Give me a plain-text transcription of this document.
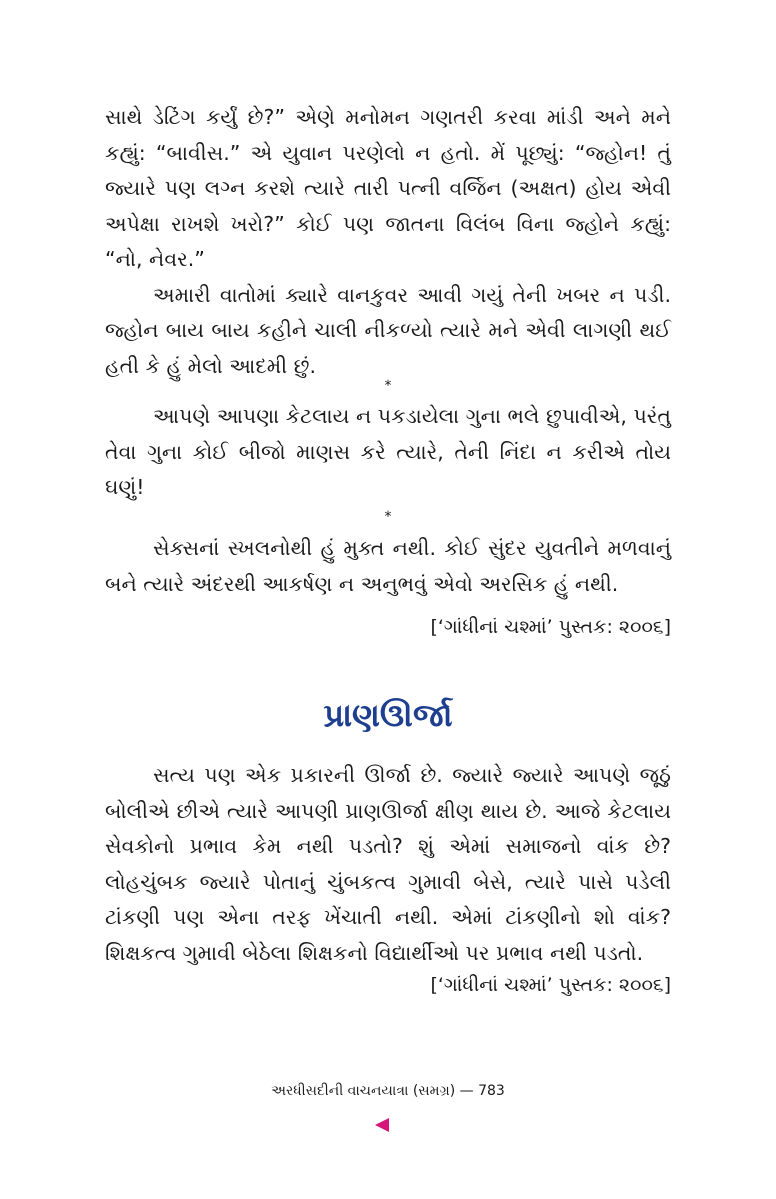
સાથે ડેટિંગ કર્યું છે?” એણે મનોમન ગણતરી કરવા માંડી અને મને કહ્યું: “બાવીસ.” એ યુવાન પરણેલો ન હતો. મેં પૂછ્યું: “જ્હોન! તું જ્યારે પણ લગ્ન કરશે ત્યારે તારી પત્ની વર્જિન (અક્ષત) હોય એવી અપેક્ષા રાખશે ખરો?” કોઈ પણ જાતના વિલંબ વિના જ્હોને કહ્યું: “નો, નેવર.”

અમારી વાતોમાં ક્યારે વાનકુવર આવી ગયું તેની ખબર ન પડી. જ્હોન બાય બાય કહીને ચાલી નીકળ્યો ત્યારે મને એવી લાગણી થઈ હતી કે હું મેલો આદમી છું.

*

આપણે આપણા કેટલાય ન પકડાયેલા ગુના ભલે છુપાવીએ, પરંતુ તેવા ગુના કોઈ બીજો માણસ કરે ત્યારે, તેની નિંદા ન કરીએ તોય ઘણું!

*

સેક્સનાં સ્ખલનોથી હું મુક્ત નથી. કોઈ સુંદર યુવતીને મળવાનું બને ત્યારે અંદરથી આકર્ષણ ન અનુભવું એવો અરસિક હું નથી.

[‘ગાંધીનાં ચશ્માં’ પુસ્તક: ૨૦૦૬]
પ્રાણઊર્જા

સત્ય પણ એક પ્રકારની ઊર્જા છે. જ્યારે જ્યારે આપણે જૂઠું બોલીએ છીએ ત્યારે આપણી પ્રાણઊર્જા ક્ષીણ થાય છે. આજે કેટલાય સેવકોનો પ્રભાવ કેમ નથી પડતો? શું એમાં સમાજનો વાંક છે? લોહચુંબક જ્યારે પોતાનું ચુંબકત્વ ગુમાવી બેસે, ત્યારે પાસે પડેલી ટાંકણી પણ એના તરફ ખેંચાતી નથી. એમાં ટાંકણીનો શો વાંક? શિક્ષકત્વ ગુમાવી બેઠેલા શિક્ષકનો વિદ્યાર્થીઓ પર પ્રભાવ નથી પડતો.

[‘ગાંધીનાં ચશ્માં’ પુસ્તક: ૨૦૦૬]
અરધીસદીની વાચનયાત્રા (સમગ્ર) — 783
